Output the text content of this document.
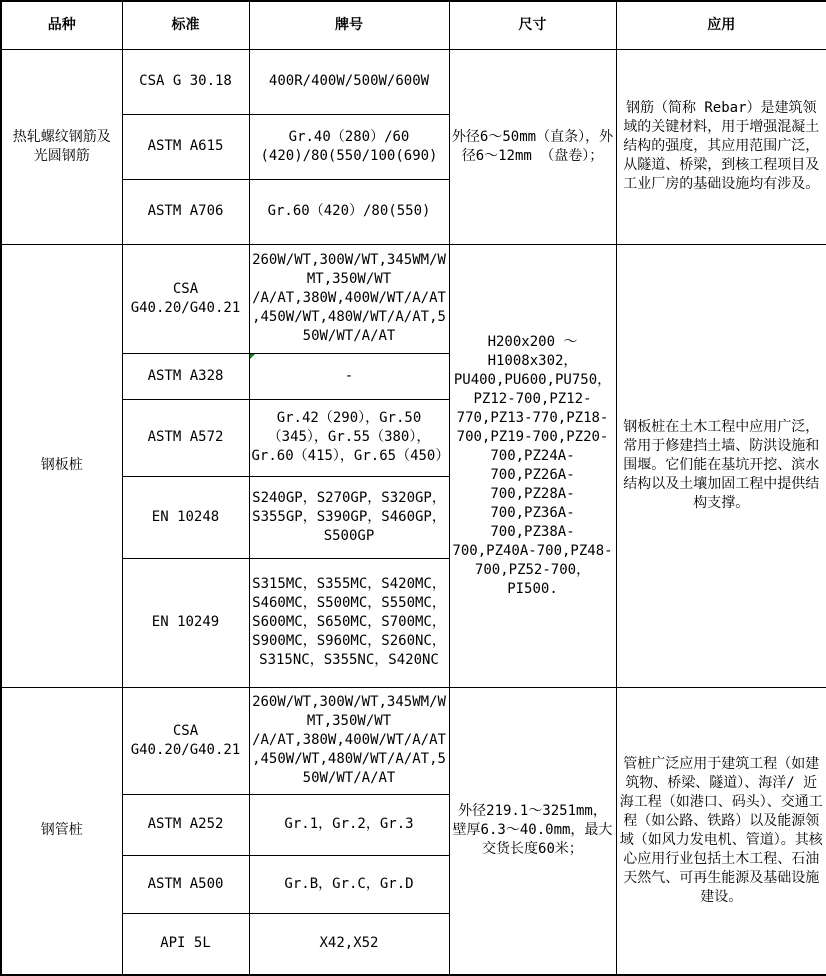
品种	标准	牌号	尺寸	应用
热轧螺纹钢筋及光圆钢筋	CSA G 30.18	400R/400W/500W/600W	外径6～50mm（直条），外径6～12mm （盘卷）；	钢筋（简称 Rebar）是建筑领域的关键材料，用于增强混凝土结构的强度，其应用范围广泛，从隧道、桥梁，到核工程项目及工业厂房的基础设施均有涉及。
	ASTM A615	Gr.40（280）/60 (420)/80(550/100(690)		
	ASTM A706	Gr.60（420）/80(550)		
钢板桩	CSA G40.20/G40.21	260W/WT,300W/WT,345WM/WMT,350W/WT /A/AT,380W,400W/WT/A/AT ,450W/WT,480W/WT/A/AT,550W/WT/A/AT	H200x200 ～H1008x302，PU400,PU600,PU750，PZ12-700,PZ12-770,PZ13-770,PZ18-700,PZ19-700,PZ20-700,PZ24A-700,PZ26A-700,PZ28A-700,PZ36A-700,PZ38A-700,PZ40A-700,PZ48-700,PZ52-700，PI500.	钢板桩在土木工程中应用广泛，常用于修建挡土墙、防洪设施和围堰。它们能在基坑开挖、滨水结构以及土壤加固工程中提供结构支撑。
	ASTM A328	-		
	ASTM A572	Gr.42（290），Gr.50（345），Gr.55（380），Gr.60（415），Gr.65（450）		
	EN 10248	S240GP，S270GP，S320GP，S355GP，S390GP，S460GP，S500GP		
	EN 10249	S315MC，S355MC，S420MC，S460MC，S500MC，S550MC，S600MC，S650MC，S700MC，S900MC，S960MC，S260NC，S315NC，S355NC，S420NC		
钢管桩	CSA G40.20/G40.21	260W/WT,300W/WT,345WM/WMT,350W/WT /A/AT,380W,400W/WT/A/AT ,450W/WT,480W/WT/A/AT,550W/WT/A/AT	外径219.1～3251mm，壁厚6.3～40.0mm，最大交货长度60米；	管桩广泛应用于建筑工程（如建筑物、桥梁、隧道）、海洋/ 近海工程（如港口、码头）、交通工程（如公路、铁路）以及能源领域（如风力发电机、管道）。其核心应用行业包括土木工程、石油天然气、可再生能源及基础设施建设。
	ASTM A252	Gr.1，Gr.2，Gr.3		
	ASTM A500	Gr.B，Gr.C，Gr.D		
	API 5L	X42,X52		
